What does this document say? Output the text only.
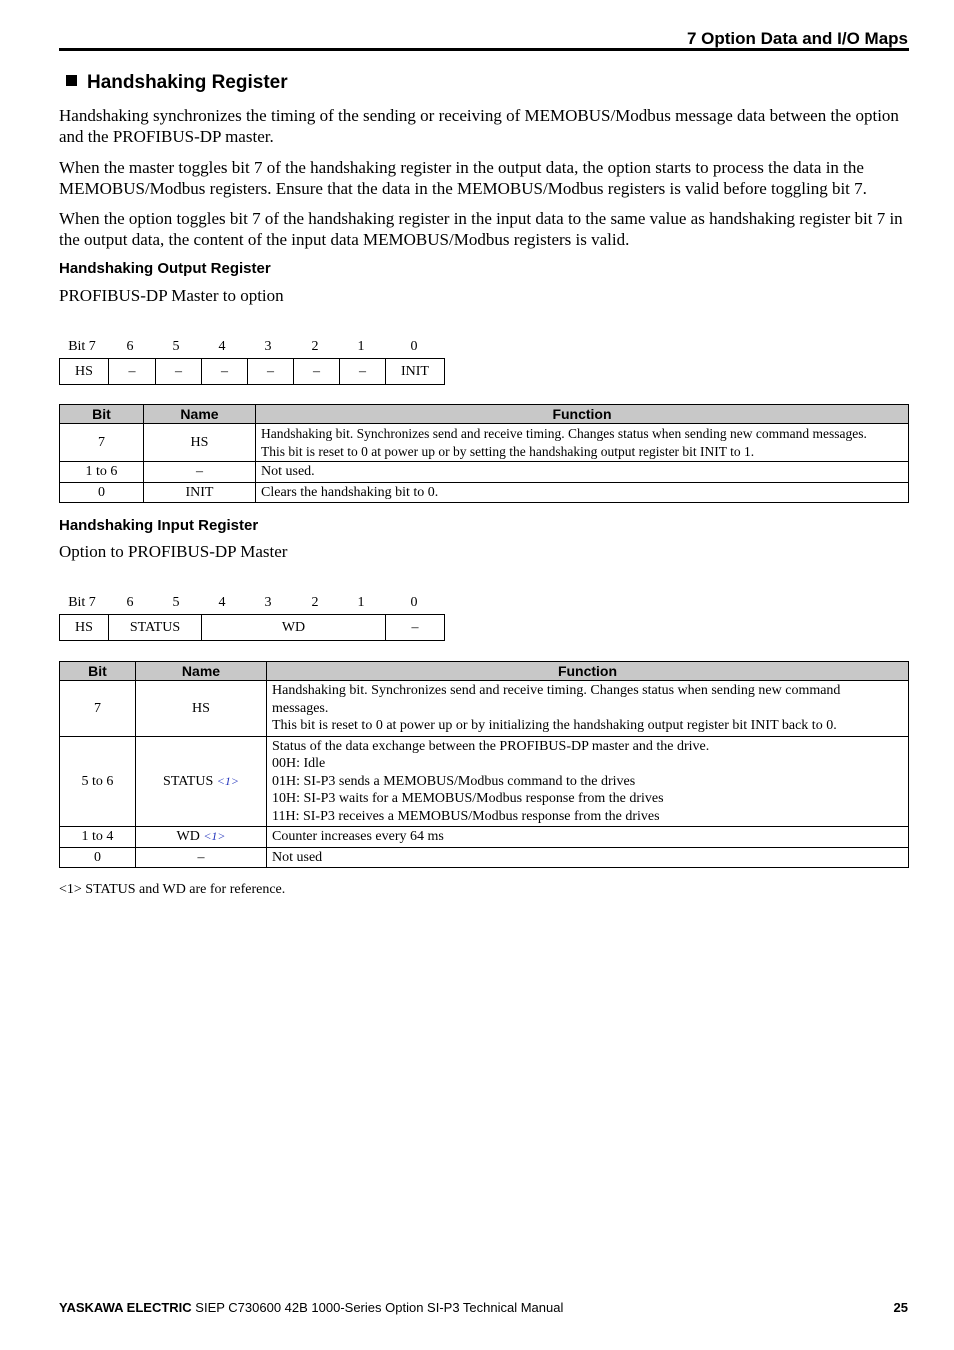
7 Option Data and I/O Maps
Handshaking Register

Handshaking synchronizes the timing of the sending or receiving of MEMOBUS/Modbus message data between the option and the PROFIBUS-DP master.

When the master toggles bit 7 of the handshaking register in the output data, the option starts to process the data in the MEMOBUS/Modbus registers. Ensure that the data in the MEMOBUS/Modbus registers is valid before toggling bit 7.

When the option toggles bit 7 of the handshaking register in the input data to the same value as handshaking register bit 7 in the output data, the content of the input data MEMOBUS/Modbus registers is valid.

Handshaking Output Register
PROFIBUS-DP Master to option
Bit 7	6	5	4	3	2	1	0
HS	–	–	–	–	–	–	INIT
Bit	Name	Function
7	HS	Handshaking bit. Synchronizes send and receive timing. Changes status when sending new command messages.
This bit is reset to 0 at power up or by setting the handshaking output register bit INIT to 1.

1 to 6	–	Not used.

0	INIT	Clears the handshaking bit to 0.
Handshaking Input Register
Option to PROFIBUS-DP Master
Bit 7	6	5	4	3	2	1	0
HS	STATUS	WD	–
Bit	Name	Function
7	HS	Handshaking bit. Synchronizes send and receive timing. Changes status when sending new command
messages.
This bit is reset to 0 at power up or by initializing the handshaking output register bit INIT back to 0.

5 to 6	STATUS <1>	Status of the data exchange between the PROFIBUS-DP master and the drive.
00H: Idle
01H: SI-P3 sends a MEMOBUS/Modbus command to the drives
10H: SI-P3 waits for a MEMOBUS/Modbus response from the drives
11H: SI-P3 receives a MEMOBUS/Modbus response from the drives

1 to 4	WD <1>	Counter increases every 64 ms

0	–	Not used
<1> STATUS and WD are for reference.
YASKAWA ELECTRIC SIEP C730600 42B 1000-Series Option SI-P3 Technical Manual	25
